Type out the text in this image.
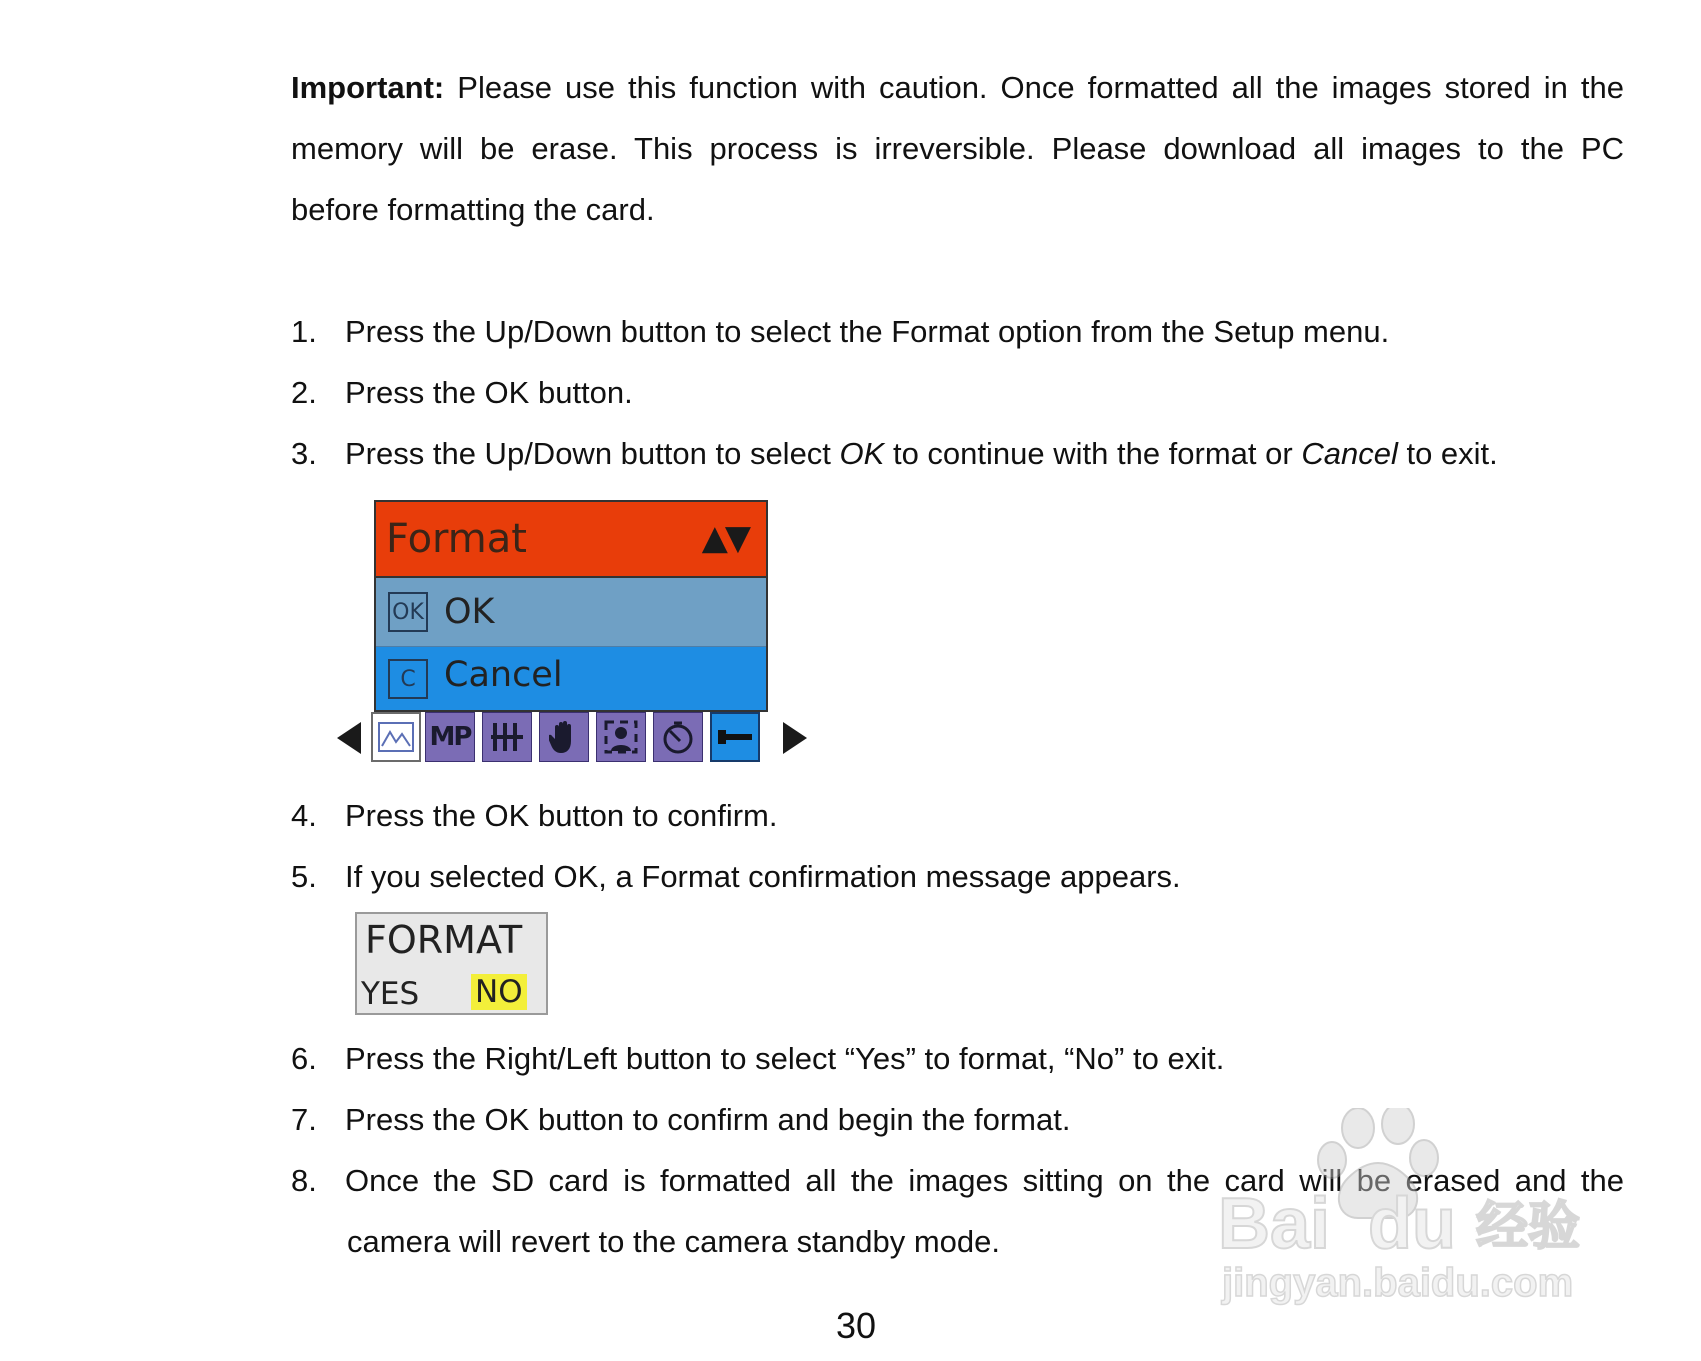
Important: Please use this function with caution. Once formatted all the images stored in the
memory will be erase. This process is irreversible. Please download all images to the PC
before formatting the card.
1. Press the Up/Down button to select the Format option from the Setup menu.
2. Press the OK button.
3. Press the Up/Down button to select OK to continue with the format or Cancel to exit.
Format	▲▼
OK OK
C Cancel
MP
4. Press the OK button to confirm.
5. If you selected OK, a Format confirmation message appears.
FORMAT
YES NO
6. Press the Right/Left button to select “Yes” to format, “No” to exit.
7. Press the OK button to confirm and begin the format.
8. Once the SD card is formatted all the images sitting on the card will be erased and the
camera will revert to the camera standby mode.
30
Bai du 经验
jingyan.baidu.com
